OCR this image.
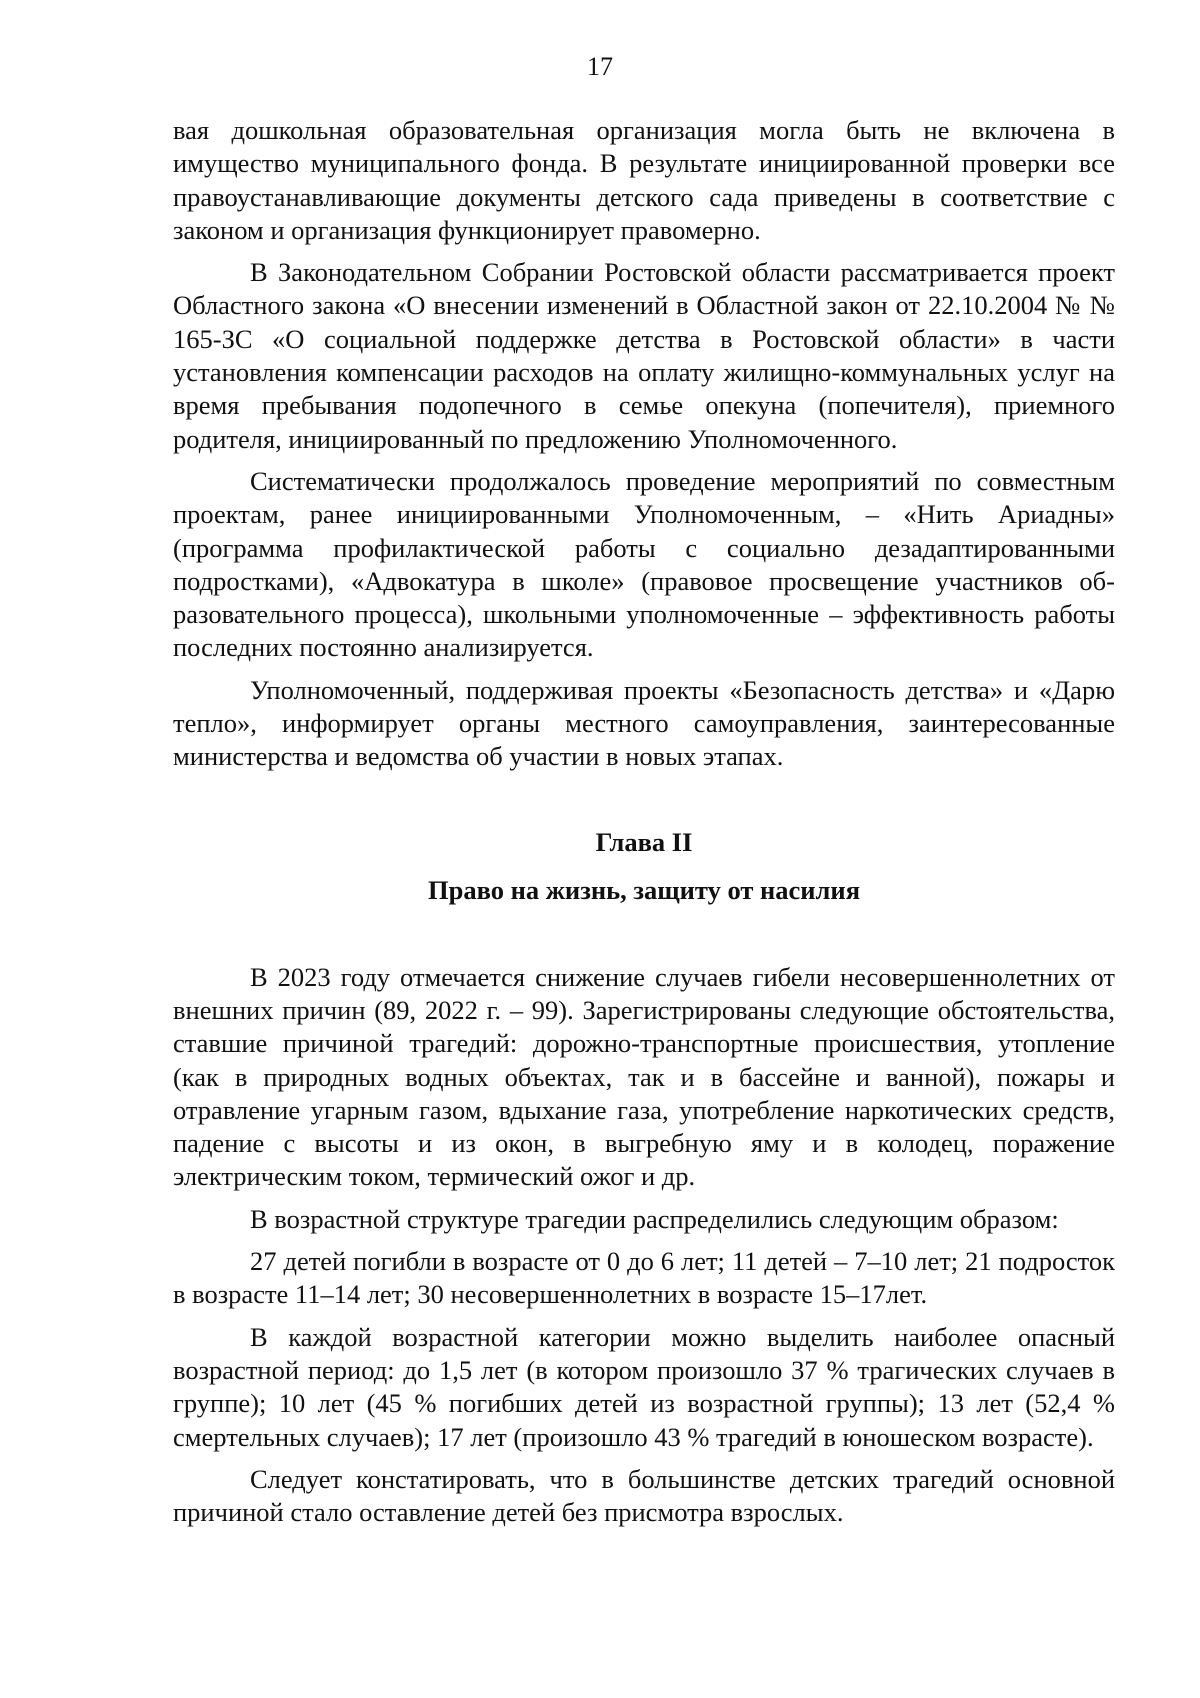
17

вая дошкольная образовательная организация могла быть не включена в имущество муниципального фонда. В результате инициированной проверки все правоустанавливающие документы детского сада приведены в соответствие с законом и организация функционирует правомерно.

В Законодательном Собрании Ростовской области рассматривается проект Областного закона «О внесении изменений в Областной закон от 22.10.2004 № № 165-ЗС «О социальной поддержке детства в Ростовской области» в части установления компенсации расходов на оплату жилищно-коммунальных услуг на время пребывания подопечного в семье опекуна (попечителя), приемного родителя, инициированный по предложению Уполномоченного.

Систематически продолжалось проведение мероприятий по совместным проектам, ранее инициированными Уполномоченным, – «Нить Ариадны» (программа профилактической работы с социально дезадаптированными подростками), «Адвокатура в школе» (правовое просвещение участников образовательного процесса), школьными уполномоченные – эффективность работы последних постоянно анализируется.

Уполномоченный, поддерживая проекты «Безопасность детства» и «Дарю тепло», информирует органы местного самоуправления, заинтересованные министерства и ведомства об участии в новых этапах.

Глава II
Право на жизнь, защиту от насилия

В 2023 году отмечается снижение случаев гибели несовершеннолетних от внешних причин (89, 2022 г. – 99). Зарегистрированы следующие обстоятельства, ставшие причиной трагедий: дорожно-транспортные происшествия, утопление (как в природных водных объектах, так и в бассейне и ванной), пожары и отравление угарным газом, вдыхание газа, употребление наркотических средств, падение с высоты и из окон, в выгребную яму и в колодец, поражение электрическим током, термический ожог и др.

В возрастной структуре трагедии распределились следующим образом:

27 детей погибли в возрасте от 0 до 6 лет; 11 детей – 7–10 лет; 21 подросток в возрасте 11–14 лет; 30 несовершеннолетних в возрасте 15–17лет.

В каждой возрастной категории можно выделить наиболее опасный возрастной период: до 1,5 лет (в котором произошло 37 % трагических случаев в группе); 10 лет (45 % погибших детей из возрастной группы); 13 лет (52,4 % смертельных случаев); 17 лет (произошло 43 % трагедий в юношеском возрасте).

Следует констатировать, что в большинстве детских трагедий основной причиной стало оставление детей без присмотра взрослых.
